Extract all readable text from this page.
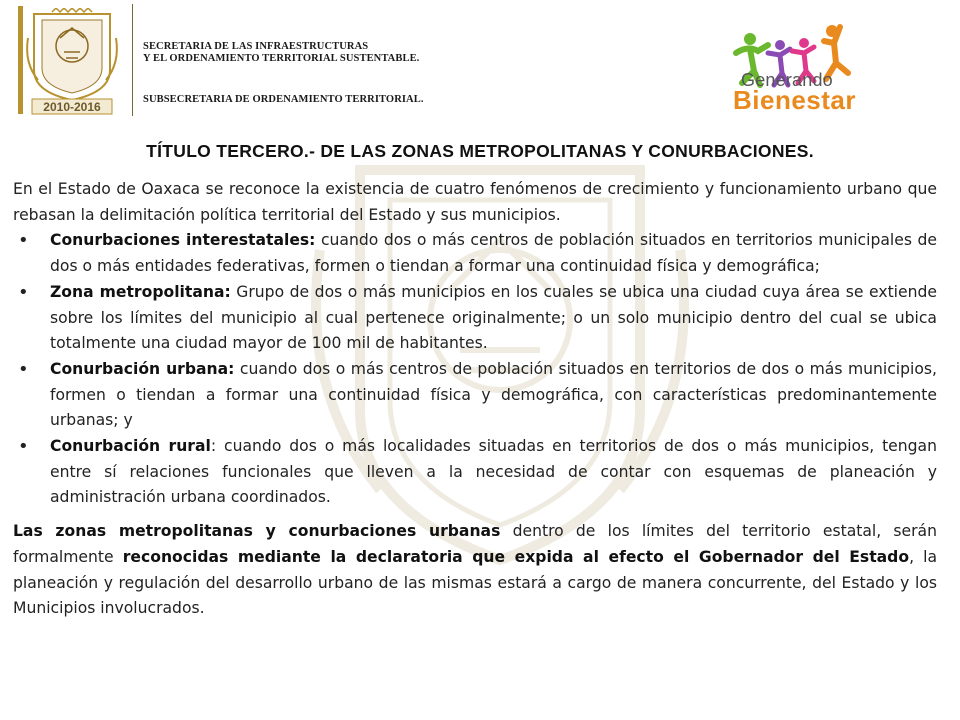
2010-2016
SECRETARIA DE LAS INFRAESTRUCTURAS
Y EL ORDENAMIENTO TERRITORIAL SUSTENTABLE.
SUBSECRETARIA DE ORDENAMIENTO TERRITORIAL.
Generando
Bienestar
TÍTULO TERCERO.- DE LAS ZONAS METROPOLITANAS Y CONURBACIONES.

En el Estado de Oaxaca se reconoce la existencia de cuatro fenómenos de crecimiento y funcionamiento urbano que rebasan la delimitación política territorial del Estado y sus municipios.

• Conurbaciones interestatales: cuando dos o más centros de población situados en territorios municipales de dos o más entidades federativas, formen o tiendan a formar una continuidad física y demográfica;
• Zona metropolitana: Grupo de dos o más municipios en los cuales se ubica una ciudad cuya área se extiende sobre los límites del municipio al cual pertenece originalmente; o un solo municipio dentro del cual se ubica totalmente una ciudad mayor de 100 mil de habitantes.
• Conurbación urbana: cuando dos o más centros de población situados en territorios de dos o más municipios, formen o tiendan a formar una continuidad física y demográfica, con características predominantemente urbanas; y
• Conurbación rural: cuando dos o más localidades situadas en territorios de dos o más municipios, tengan entre sí relaciones funcionales que lleven a la necesidad de contar con esquemas de planeación y administración urbana coordinados.

Las zonas metropolitanas y conurbaciones urbanas dentro de los límites del territorio estatal, serán formalmente reconocidas mediante la declaratoria que expida al efecto el Gobernador del Estado, la planeación y regulación del desarrollo urbano de las mismas estará a cargo de manera concurrente, del Estado y los Municipios involucrados.
